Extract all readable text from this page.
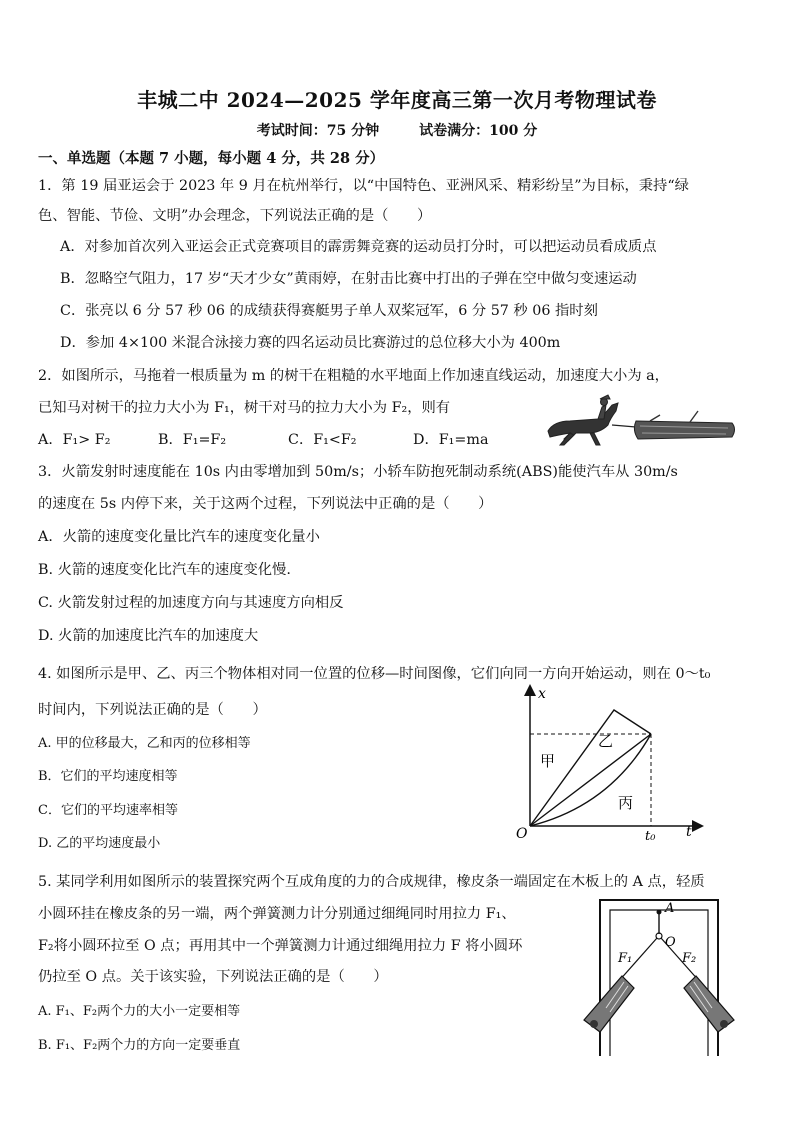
丰城二中 2024—2025 学年度高三第一次月考物理试卷
考试时间：75 分钟	试卷满分：100 分
一、单选题（本题 7 小题，每小题 4 分，共 28 分）
1．第 19 届亚运会于 2023 年 9 月在杭州举行，以“中国特色、亚洲风采、精彩纷呈”为目标，秉持“绿
色、智能、节俭、文明”办会理念，下列说法正确的是（　　）
A．对参加首次列入亚运会正式竞赛项目的霹雳舞竞赛的运动员打分时，可以把运动员看成质点
B．忽略空气阻力，17 岁“天才少女”黄雨婷，在射击比赛中打出的子弹在空中做匀变速运动
C．张亮以 6 分 57 秒 06 的成绩获得赛艇男子单人双桨冠军，6 分 57 秒 06 指时刻
D．参加 4×100 米混合泳接力赛的四名运动员比赛游过的总位移大小为 400m
2．如图所示，马拖着一根质量为 m 的树干在粗糙的水平地面上作加速直线运动，加速度大小为 a，
已知马对树干的拉力大小为 F₁，树干对马的拉力大小为 F₂，则有
A．F₁> F₂	B．F₁=F₂	C．F₁<F₂	D．F₁=ma
3．火箭发射时速度能在 10s 内由零增加到 50m/s；小轿车防抱死制动系统(ABS)能使汽车从 30m/s
的速度在 5s 内停下来，关于这两个过程，下列说法中正确的是（　　）
A．火箭的速度变化量比汽车的速度变化量小
B. 火箭的速度变化比汽车的速度变化慢.
C. 火箭发射过程的加速度方向与其速度方向相反
D. 火箭的加速度比汽车的加速度大
4. 如图所示是甲、乙、丙三个物体相对同一位置的位移—时间图像，它们向同一方向开始运动，则在 0～t₀
时间内，下列说法正确的是（　　）
A. 甲的位移最大，乙和丙的位移相等
B．它们的平均速度相等
C．它们的平均速率相等
D. 乙的平均速度最小
x
t
O	t₀
甲
乙
丙
5. 某同学利用如图所示的装置探究两个互成角度的力的合成规律，橡皮条一端固定在木板上的 A 点，轻质
小圆环挂在橡皮条的另一端，两个弹簧测力计分别通过细绳同时用拉力 F₁、
F₂将小圆环拉至 O 点；再用其中一个弹簧测力计通过细绳用拉力 F 将小圆环
仍拉至 O 点。关于该实验，下列说法正确的是（　　）
A. F₁、F₂两个力的大小一定要相等
B. F₁、F₂两个力的方向一定要垂直
A
O
F₁	F₂
